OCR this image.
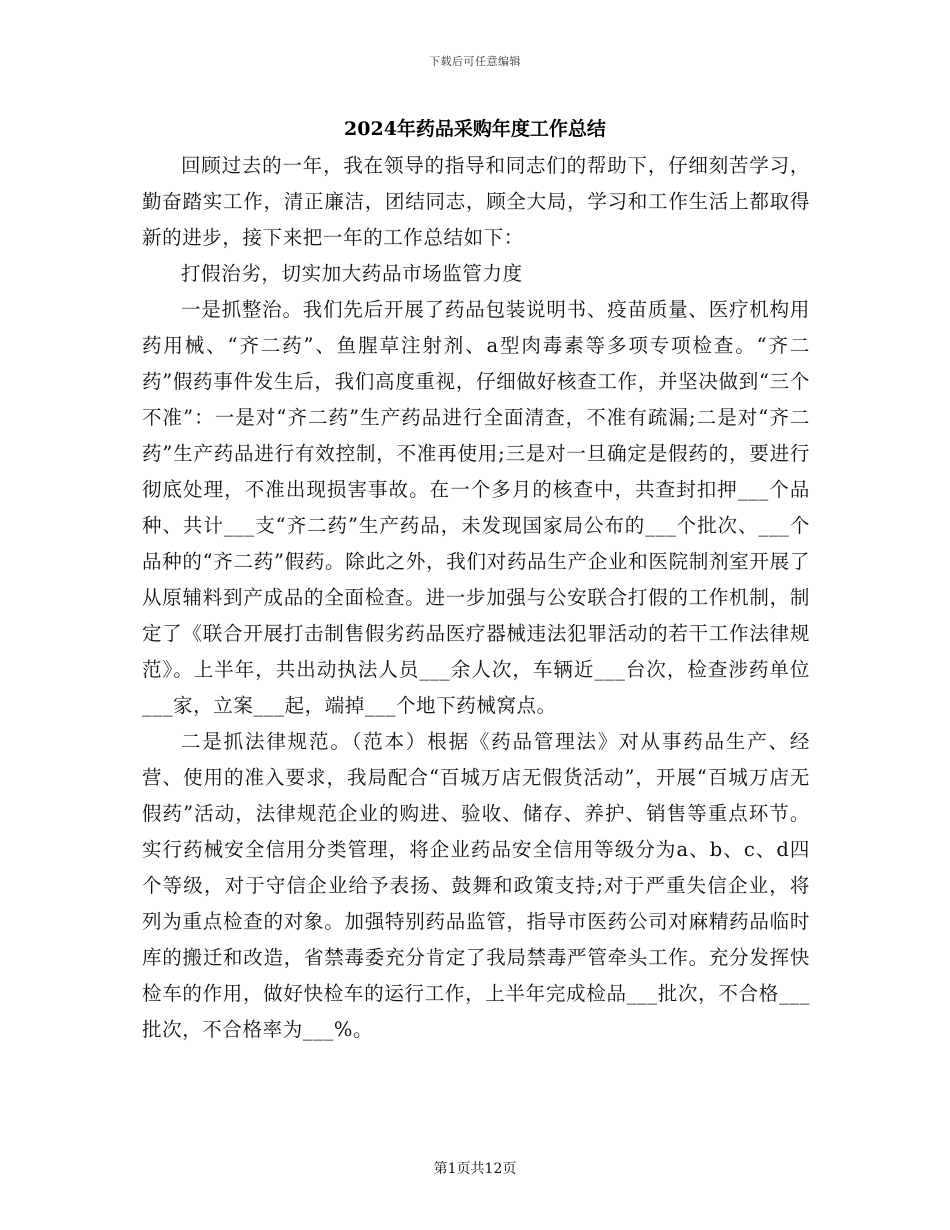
下载后可任意编辑
2024年药品采购年度工作总结

回顾过去的一年，我在领导的指导和同志们的帮助下，仔细刻苦学习，勤奋踏实工作，清正廉洁，团结同志，顾全大局，学习和工作生活上都取得新的进步，接下来把一年的工作总结如下：

打假治劣，切实加大药品市场监管力度

一是抓整治。我们先后开展了药品包装说明书、疫苗质量、医疗机构用药用械、“齐二药”、鱼腥草注射剂、a型肉毒素等多项专项检查。“齐二药”假药事件发生后，我们高度重视，仔细做好核查工作，并坚决做到“三个不准”：一是对“齐二药”生产药品进行全面清查，不准有疏漏;二是对“齐二药”生产药品进行有效控制，不准再使用;三是对一旦确定是假药的，要进行彻底处理，不准出现损害事故。在一个多月的核查中，共查封扣押___个品种、共计___支“齐二药”生产药品，未发现国家局公布的___个批次、___个品种的“齐二药”假药。除此之外，我们对药品生产企业和医院制剂室开展了从原辅料到产成品的全面检查。进一步加强与公安联合打假的工作机制，制定了《联合开展打击制售假劣药品医疗器械违法犯罪活动的若干工作法律规范》。上半年，共出动执法人员___余人次，车辆近___台次，检查涉药单位___家，立案___起，端掉___个地下药械窝点。

二是抓法律规范。（范本）根据《药品管理法》对从事药品生产、经营、使用的准入要求，我局配合“百城万店无假货活动”，开展“百城万店无假药”活动，法律规范企业的购进、验收、储存、养护、销售等重点环节。实行药械安全信用分类管理，将企业药品安全信用等级分为a、b、c、d四个等级，对于守信企业给予表扬、鼓舞和政策支持;对于严重失信企业，将列为重点检查的对象。加强特别药品监管，指导市医药公司对麻精药品临时库的搬迁和改造，省禁毒委充分肯定了我局禁毒严管牵头工作。充分发挥快检车的作用，做好快检车的运行工作，上半年完成检品___批次，不合格___批次，不合格率为___%。

第1页共12页
